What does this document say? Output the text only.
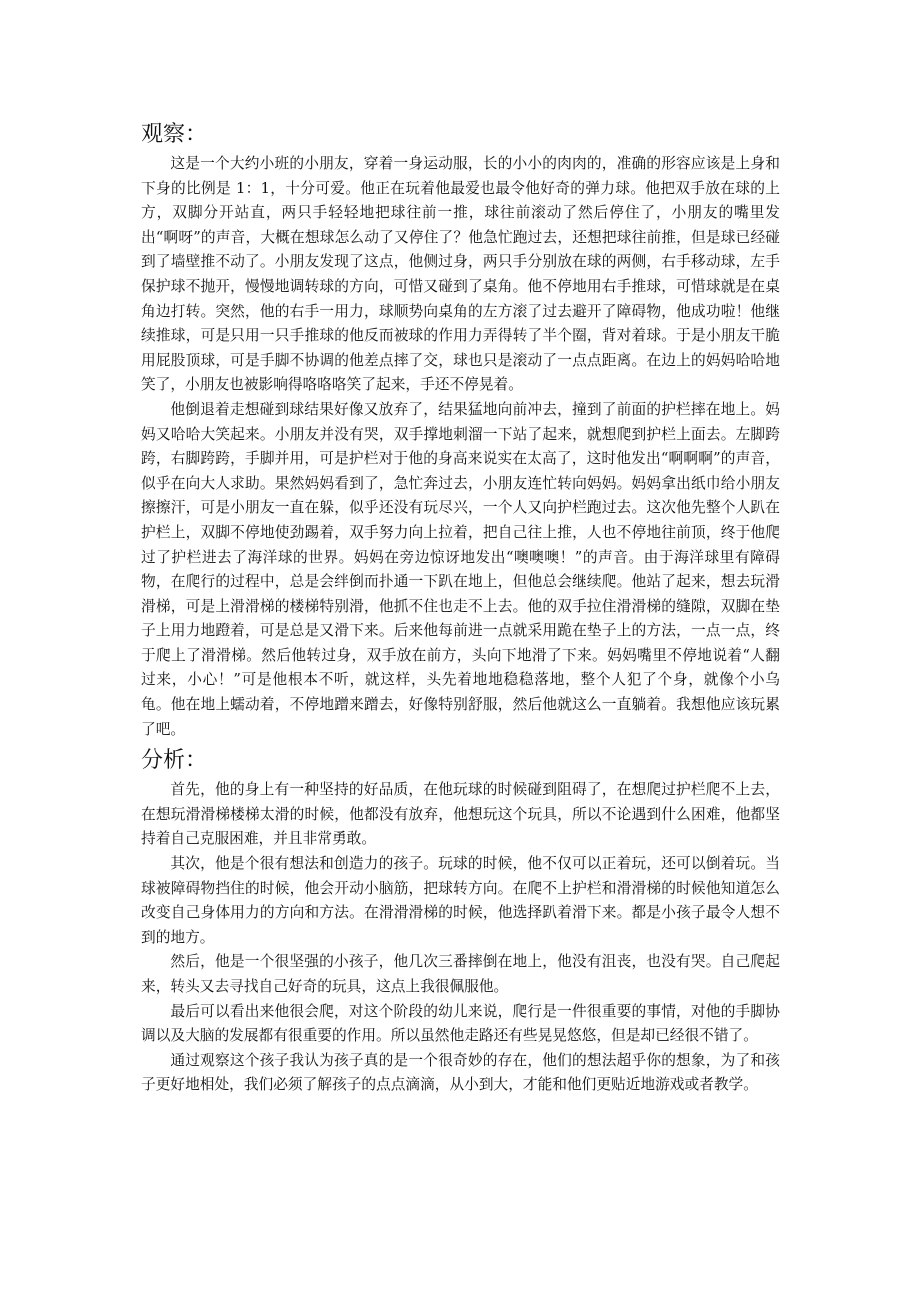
观察：

这是一个大约小班的小朋友，穿着一身运动服，长的小小的肉肉的，准确的形容应该是上身和下身的比例是 1：1，十分可爱。他正在玩着他最爱也最令他好奇的弹力球。他把双手放在球的上方，双脚分开站直，两只手轻轻地把球往前一推，球往前滚动了然后停住了，小朋友的嘴里发出“啊呀”的声音，大概在想球怎么动了又停住了？他急忙跑过去，还想把球往前推，但是球已经碰到了墙壁推不动了。小朋友发现了这点，他侧过身，两只手分别放在球的两侧，右手移动球，左手保护球不抛开，慢慢地调转球的方向，可惜又碰到了桌角。他不停地用右手推球，可惜球就是在桌角边打转。突然，他的右手一用力，球顺势向桌角的左方滚了过去避开了障碍物，他成功啦！他继续推球，可是只用一只手推球的他反而被球的作用力弄得转了半个圈，背对着球。于是小朋友干脆用屁股顶球，可是手脚不协调的他差点摔了交，球也只是滚动了一点点距离。在边上的妈妈哈哈地笑了，小朋友也被影响得咯咯咯笑了起来，手还不停晃着。

他倒退着走想碰到球结果好像又放弃了，结果猛地向前冲去，撞到了前面的护栏摔在地上。妈妈又哈哈大笑起来。小朋友并没有哭，双手撑地刺溜一下站了起来，就想爬到护栏上面去。左脚跨跨，右脚跨跨，手脚并用，可是护栏对于他的身高来说实在太高了，这时他发出“啊啊啊”的声音，似乎在向大人求助。果然妈妈看到了，急忙奔过去，小朋友连忙转向妈妈。妈妈拿出纸巾给小朋友擦擦汗，可是小朋友一直在躲，似乎还没有玩尽兴，一个人又向护栏跑过去。这次他先整个人趴在护栏上，双脚不停地使劲踢着，双手努力向上拉着，把自己往上推，人也不停地往前顶，终于他爬过了护栏进去了海洋球的世界。妈妈在旁边惊讶地发出“噢噢噢！”的声音。由于海洋球里有障碍物，在爬行的过程中，总是会绊倒而扑通一下趴在地上，但他总会继续爬。他站了起来，想去玩滑滑梯，可是上滑滑梯的楼梯特别滑，他抓不住也走不上去。他的双手拉住滑滑梯的缝隙，双脚在垫子上用力地蹬着，可是总是又滑下来。后来他每前进一点就采用跪在垫子上的方法，一点一点，终于爬上了滑滑梯。然后他转过身，双手放在前方，头向下地滑了下来。妈妈嘴里不停地说着“人翻过来，小心！”可是他根本不听，就这样，头先着地地稳稳落地，整个人犯了个身，就像个小乌龟。他在地上蠕动着，不停地蹭来蹭去，好像特别舒服，然后他就这么一直躺着。我想他应该玩累了吧。

分析：

首先，他的身上有一种坚持的好品质，在他玩球的时候碰到阻碍了，在想爬过护栏爬不上去，在想玩滑滑梯楼梯太滑的时候，他都没有放弃，他想玩这个玩具，所以不论遇到什么困难，他都坚持着自己克服困难，并且非常勇敢。

其次，他是个很有想法和创造力的孩子。玩球的时候，他不仅可以正着玩，还可以倒着玩。当球被障碍物挡住的时候，他会开动小脑筋，把球转方向。在爬不上护栏和滑滑梯的时候他知道怎么改变自己身体用力的方向和方法。在滑滑滑梯的时候，他选择趴着滑下来。都是小孩子最令人想不到的地方。

然后，他是一个很坚强的小孩子，他几次三番摔倒在地上，他没有沮丧，也没有哭。自己爬起来，转头又去寻找自己好奇的玩具，这点上我很佩服他。

最后可以看出来他很会爬，对这个阶段的幼儿来说，爬行是一件很重要的事情，对他的手脚协调以及大脑的发展都有很重要的作用。所以虽然他走路还有些晃晃悠悠，但是却已经很不错了。

通过观察这个孩子我认为孩子真的是一个很奇妙的存在，他们的想法超乎你的想象，为了和孩子更好地相处，我们必须了解孩子的点点滴滴，从小到大，才能和他们更贴近地游戏或者教学。
